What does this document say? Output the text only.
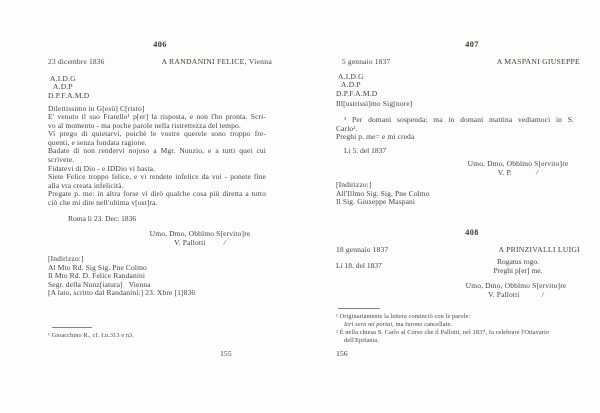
406
23 dicembre 1836	A RANDANINI FELICE, Vienna
A.I.D.G
A.D.P
D.P.F.A.M.D
Dilettissimo in G[esù] C[risto]
E' venuto il suo Fratello¹ p[er] la risposta, e non l'ho pronta. Scri-
vo al momento - ma poche parole nella ristrettezza del tempo.
Vi prego di quietarvi, poichè le vostre querele sono troppo fre-
quenti, e senza fondata ragione.
Badate di non rendervi nojoso a Mgr. Nunzio, e a tutti quei cui
scrivete.
Fidatevi di Dio - e IDDio vi basta.
Siete Felice troppo felice, e vi rendete infelice da voi - ponete fine
alla vra creata infelicità.
Pregate p. me: in altra forse vi dirò qualche cosa più diretta a tutto
ciò che mi dite nell'ultima v[ost]ra.
Roma li 23. Dec: 1836
Umo, Dmo, Obblmo S[ervito]re
V. Pallotti /
[Indirizzo:]
Al Mto Rd. Sig Sig. Pne Colmo
Il Mto Rd. D. Felice Randanini
Segr. della Nunz[iatura]   Vienna
[A lato, scritto dal Randanini:] 23. Xbre [1]836
¹ Gioacchino R., cf. I.n.313 e n3.
155
407
5 gennaio 1837	A MASPANI GIUSEPPE
A.I.D.G
A.D.P
D.P.F.A.M.D
Ill[ustrissi]mo Sig[nore]
¹ Per domani sospenda: ma in domani mattina vediamoci in S.
Carlo².
Preghi p. me= e mi creda
Li 5. del 1837
Umo, Dmo, Obblmo S[ervito]re
V. P.	/
[Indirizzo:]
All'Illmo Sig. Sig. Pne Colmo
Il Sig. Giuseppe Maspani
408
18 gennaio 1837	A PRINZIVALLI LUIGI
Li 18. del 1837	Rogatus rogo.
Preghi p[er] me.
Umo, Dmo, Obblmo S[ervito]re
V. Pallotti	/
¹ Originariamente la lettera cominciò con le parole:
Ieri sera mi portai, ma furono cancellate.
² È nella chiesa S. Carlo al Corso che il Pallotti, nel 1837, fa celebrare l'Ottavario
dell'Epifania.
156
